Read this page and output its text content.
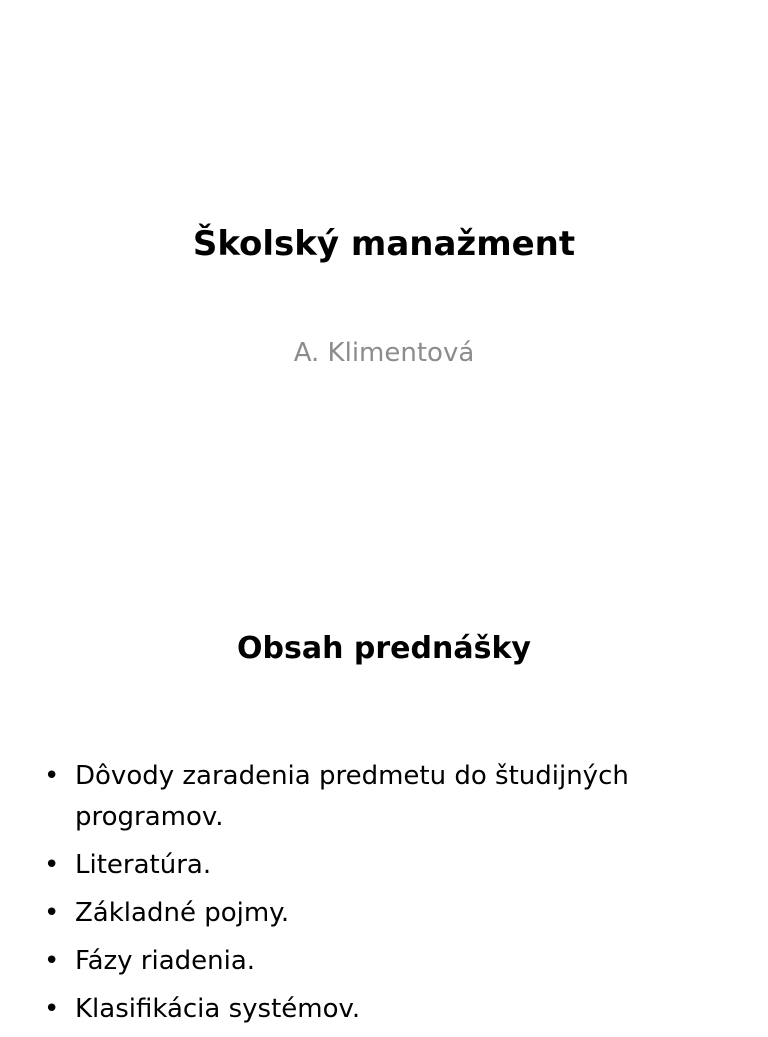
Školský manažment

A. Klimentová

Obsah prednášky
• Dôvody zaradenia predmetu do študijných programov.
• Literatúra.
• Základné pojmy.
• Fázy riadenia.
• Klasifikácia systémov.
